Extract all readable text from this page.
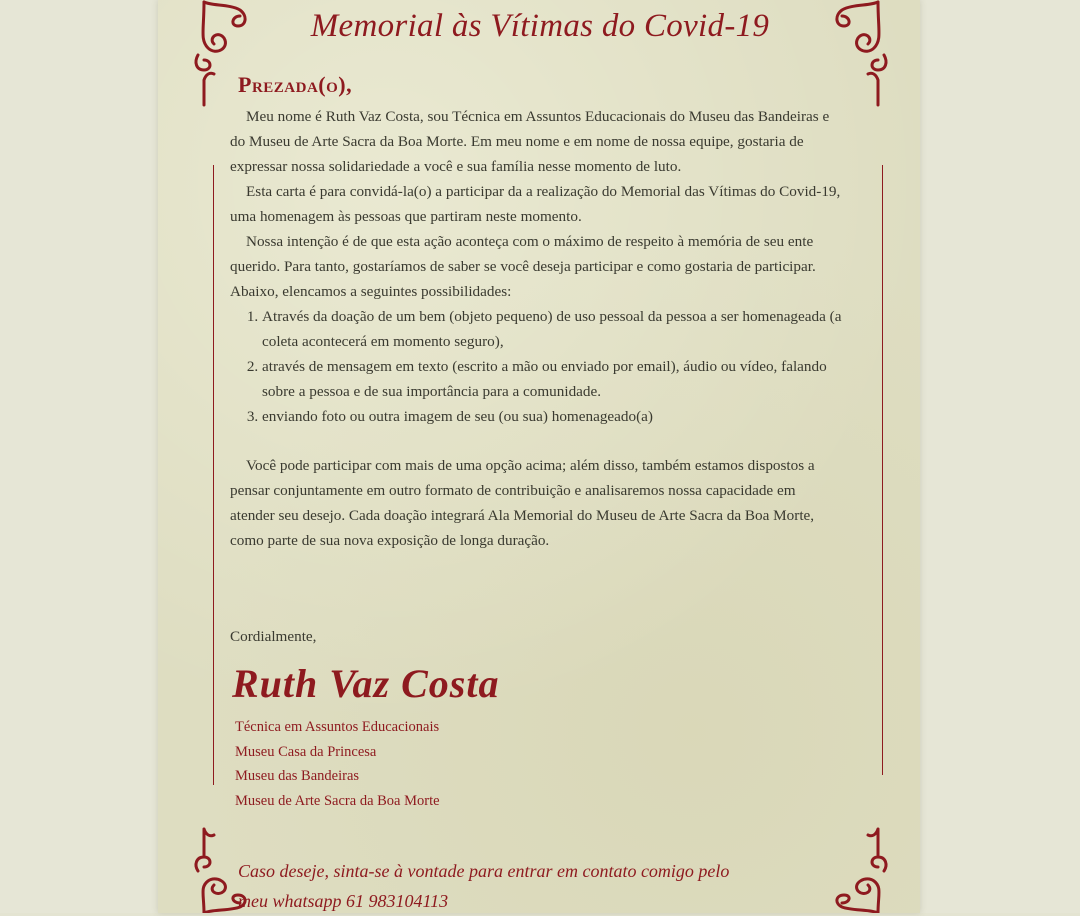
Memorial às Vítimas do Covid-19
Prezada(o),

Meu nome é Ruth Vaz Costa, sou Técnica em Assuntos Educacionais do Museu das Bandeiras e do Museu de Arte Sacra da Boa Morte. Em meu nome e em nome de nossa equipe, gostaria de expressar nossa solidariedade a você e sua família nesse momento de luto.

Esta carta é para convidá-la(o) a participar da a realização do Memorial das Vítimas do Covid-19, uma homenagem às pessoas que partiram neste momento.

Nossa intenção é de que esta ação aconteça com o máximo de respeito à memória de seu ente querido. Para tanto, gostaríamos de saber se você deseja participar e como gostaria de participar. Abaixo, elencamos a seguintes possibilidades:

1. Através da doação de um bem (objeto pequeno) de uso pessoal da pessoa a ser homenageada (a coleta acontecerá em momento seguro),
2. através de mensagem em texto (escrito a mão ou enviado por email), áudio ou vídeo, falando sobre a pessoa e de sua importância para a comunidade.
3. enviando foto ou outra imagem de seu (ou sua) homenageado(a)

Você pode participar com mais de uma opção acima; além disso, também estamos dispostos a pensar conjuntamente em outro formato de contribuição e analisaremos nossa capacidade em atender seu desejo. Cada doação integrará Ala Memorial do Museu de Arte Sacra da Boa Morte, como parte de sua nova exposição de longa duração.

Cordialmente,
Ruth Vaz Costa
Técnica em Assuntos Educacionais
Museu Casa da Princesa
Museu das Bandeiras
Museu de Arte Sacra da Boa Morte
Caso deseje, sinta-se à vontade para entrar em contato comigo pelo
meu whatsapp 61 983104113
